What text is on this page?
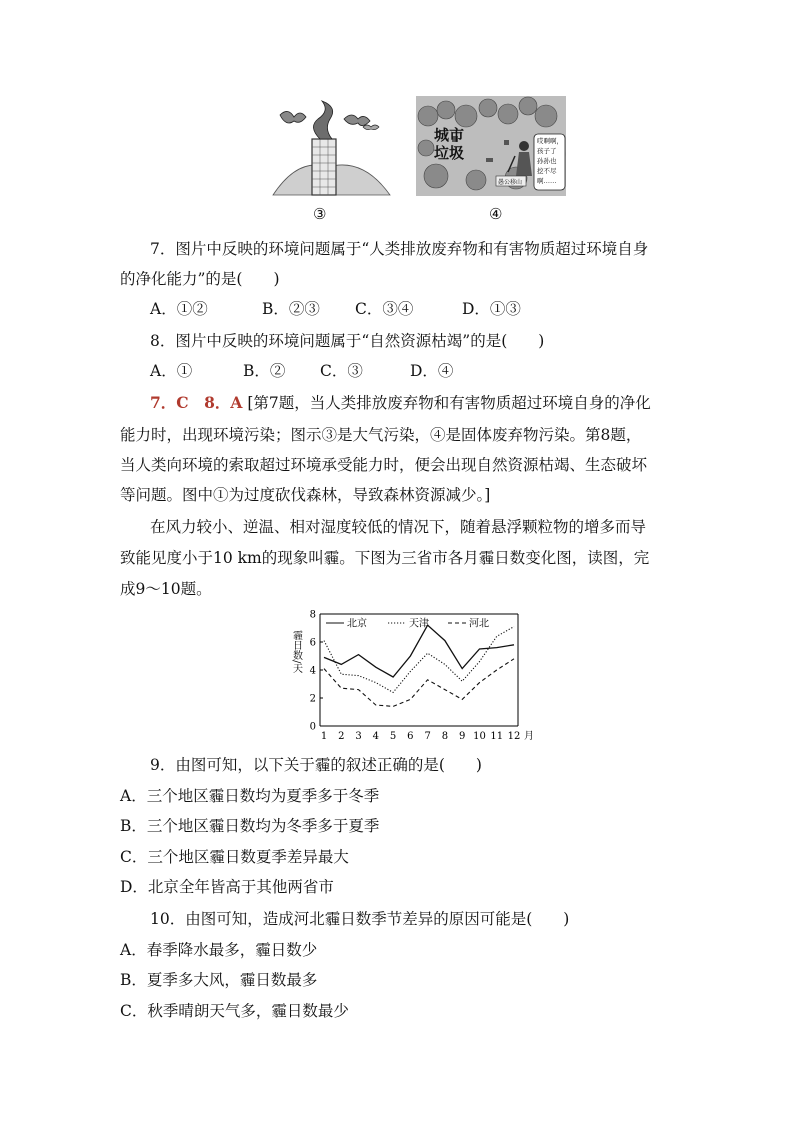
城市
垃圾
愚公移山
哎啊啊，
孩子了
孙孙也
挖不尽
啊……
③	④
7．图片中反映的环境问题属于“人类排放废弃物和有害物质超过环境自身
的净化能力”的是(　　)
A．①②	B．②③ C．③④	D．①③
8．图片中反映的环境问题属于“自然资源枯竭”的是(　　)
A．①	B．② C．③	D．④
7．C　8．A [第7题，当人类排放废弃物和有害物质超过环境自身的净化
能力时，出现环境污染；图示③是大气污染，④是固体废弃物污染。第8题，
当人类向环境的索取超过环境承受能力时，便会出现自然资源枯竭、生态破坏
等问题。图中①为过度砍伐森林，导致森林资源减少。]
在风力较小、逆温、相对湿度较低的情况下，随着悬浮颗粒物的增多而导
致能见度小于10 km的现象叫霾。下图为三省市各月霾日数变化图，读图，完
成9～10题。
0
2
4
6
8
1 2 3 4 5 6 7 8 9 10 11 12 月
霾日数/天
北京	天津	河北
9．由图可知，以下关于霾的叙述正确的是(　　)
A．三个地区霾日数均为夏季多于冬季
B．三个地区霾日数均为冬季多于夏季
C．三个地区霾日数夏季差异最大
D．北京全年皆高于其他两省市
10．由图可知，造成河北霾日数季节差异的原因可能是(　　)
A．春季降水最多，霾日数少
B．夏季多大风，霾日数最多
C．秋季晴朗天气多，霾日数最少
